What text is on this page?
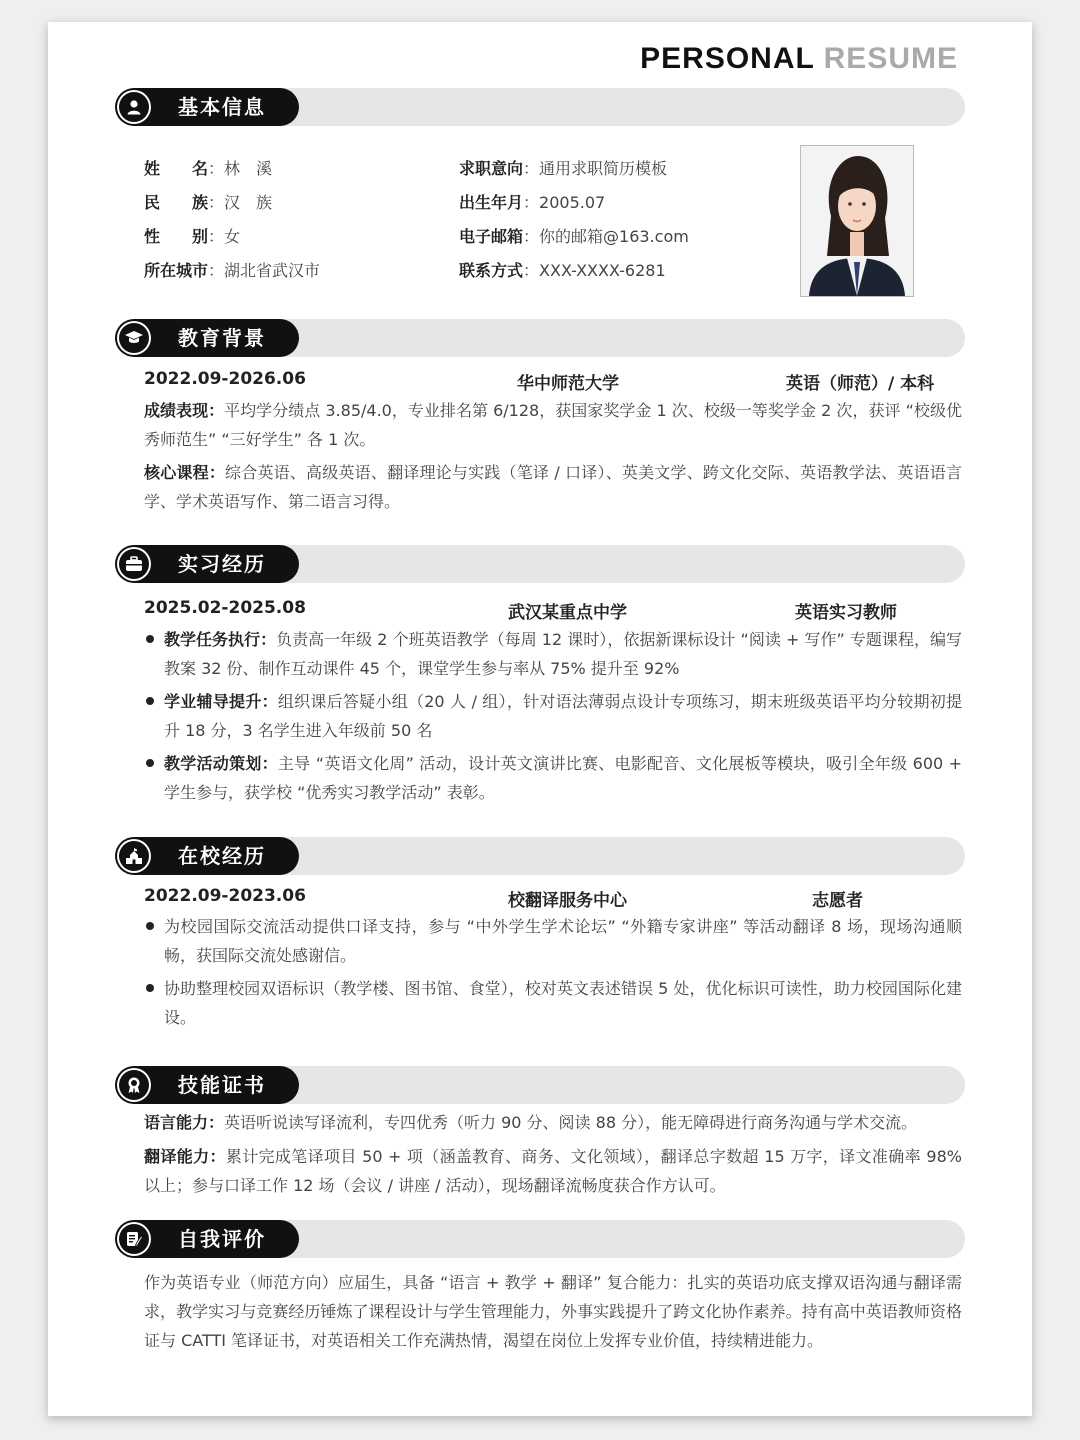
PERSONAL RESUME
基本信息
姓　　名：林　溪
民　　族：汉　族
性　　别：女
所在城市：湖北省武汉市
求职意向：通用求职简历模板
出生年月：2005.07
电子邮箱：你的邮箱@163.com
联系方式：XXX-XXXX-6281
教育背景
2022.09-2026.06	华中师范大学	英语（师范）/ 本科
成绩表现：平均学分绩点 3.85/4.0，专业排名第 6/128，获国家奖学金 1 次、校级一等奖学金 2 次，获评 “校级优秀师范生” “三好学生” 各 1 次。
核心课程：综合英语、高级英语、翻译理论与实践（笔译 / 口译）、英美文学、跨文化交际、英语教学法、英语语言学、学术英语写作、第二语言习得。
实习经历
2025.02-2025.08	武汉某重点中学	英语实习教师
教学任务执行：负责高一年级 2 个班英语教学（每周 12 课时），依据新课标设计 “阅读 + 写作” 专题课程，编写教案 32 份、制作互动课件 45 个，课堂学生参与率从 75% 提升至 92%
学业辅导提升：组织课后答疑小组（20 人 / 组），针对语法薄弱点设计专项练习，期末班级英语平均分较期初提升 18 分，3 名学生进入年级前 50 名
教学活动策划：主导 “英语文化周” 活动，设计英文演讲比赛、电影配音、文化展板等模块，吸引全年级 600 + 学生参与，获学校 “优秀实习教学活动” 表彰。
在校经历
2022.09-2023.06	校翻译服务中心	志愿者
为校园国际交流活动提供口译支持，参与 “中外学生学术论坛” “外籍专家讲座” 等活动翻译 8 场，现场沟通顺畅，获国际交流处感谢信。
协助整理校园双语标识（教学楼、图书馆、食堂），校对英文表述错误 5 处，优化标识可读性，助力校园国际化建设。
技能证书
语言能力：英语听说读写译流利，专四优秀（听力 90 分、阅读 88 分），能无障碍进行商务沟通与学术交流。
翻译能力：累计完成笔译项目 50 + 项（涵盖教育、商务、文化领域），翻译总字数超 15 万字，译文准确率 98% 以上；参与口译工作 12 场（会议 / 讲座 / 活动），现场翻译流畅度获合作方认可。
自我评价
作为英语专业（师范方向）应届生，具备 “语言 + 教学 + 翻译” 复合能力：扎实的英语功底支撑双语沟通与翻译需求，教学实习与竞赛经历锤炼了课程设计与学生管理能力，外事实践提升了跨文化协作素养。持有高中英语教师资格证与 CATTI 笔译证书，对英语相关工作充满热情，渴望在岗位上发挥专业价值，持续精进能力。
